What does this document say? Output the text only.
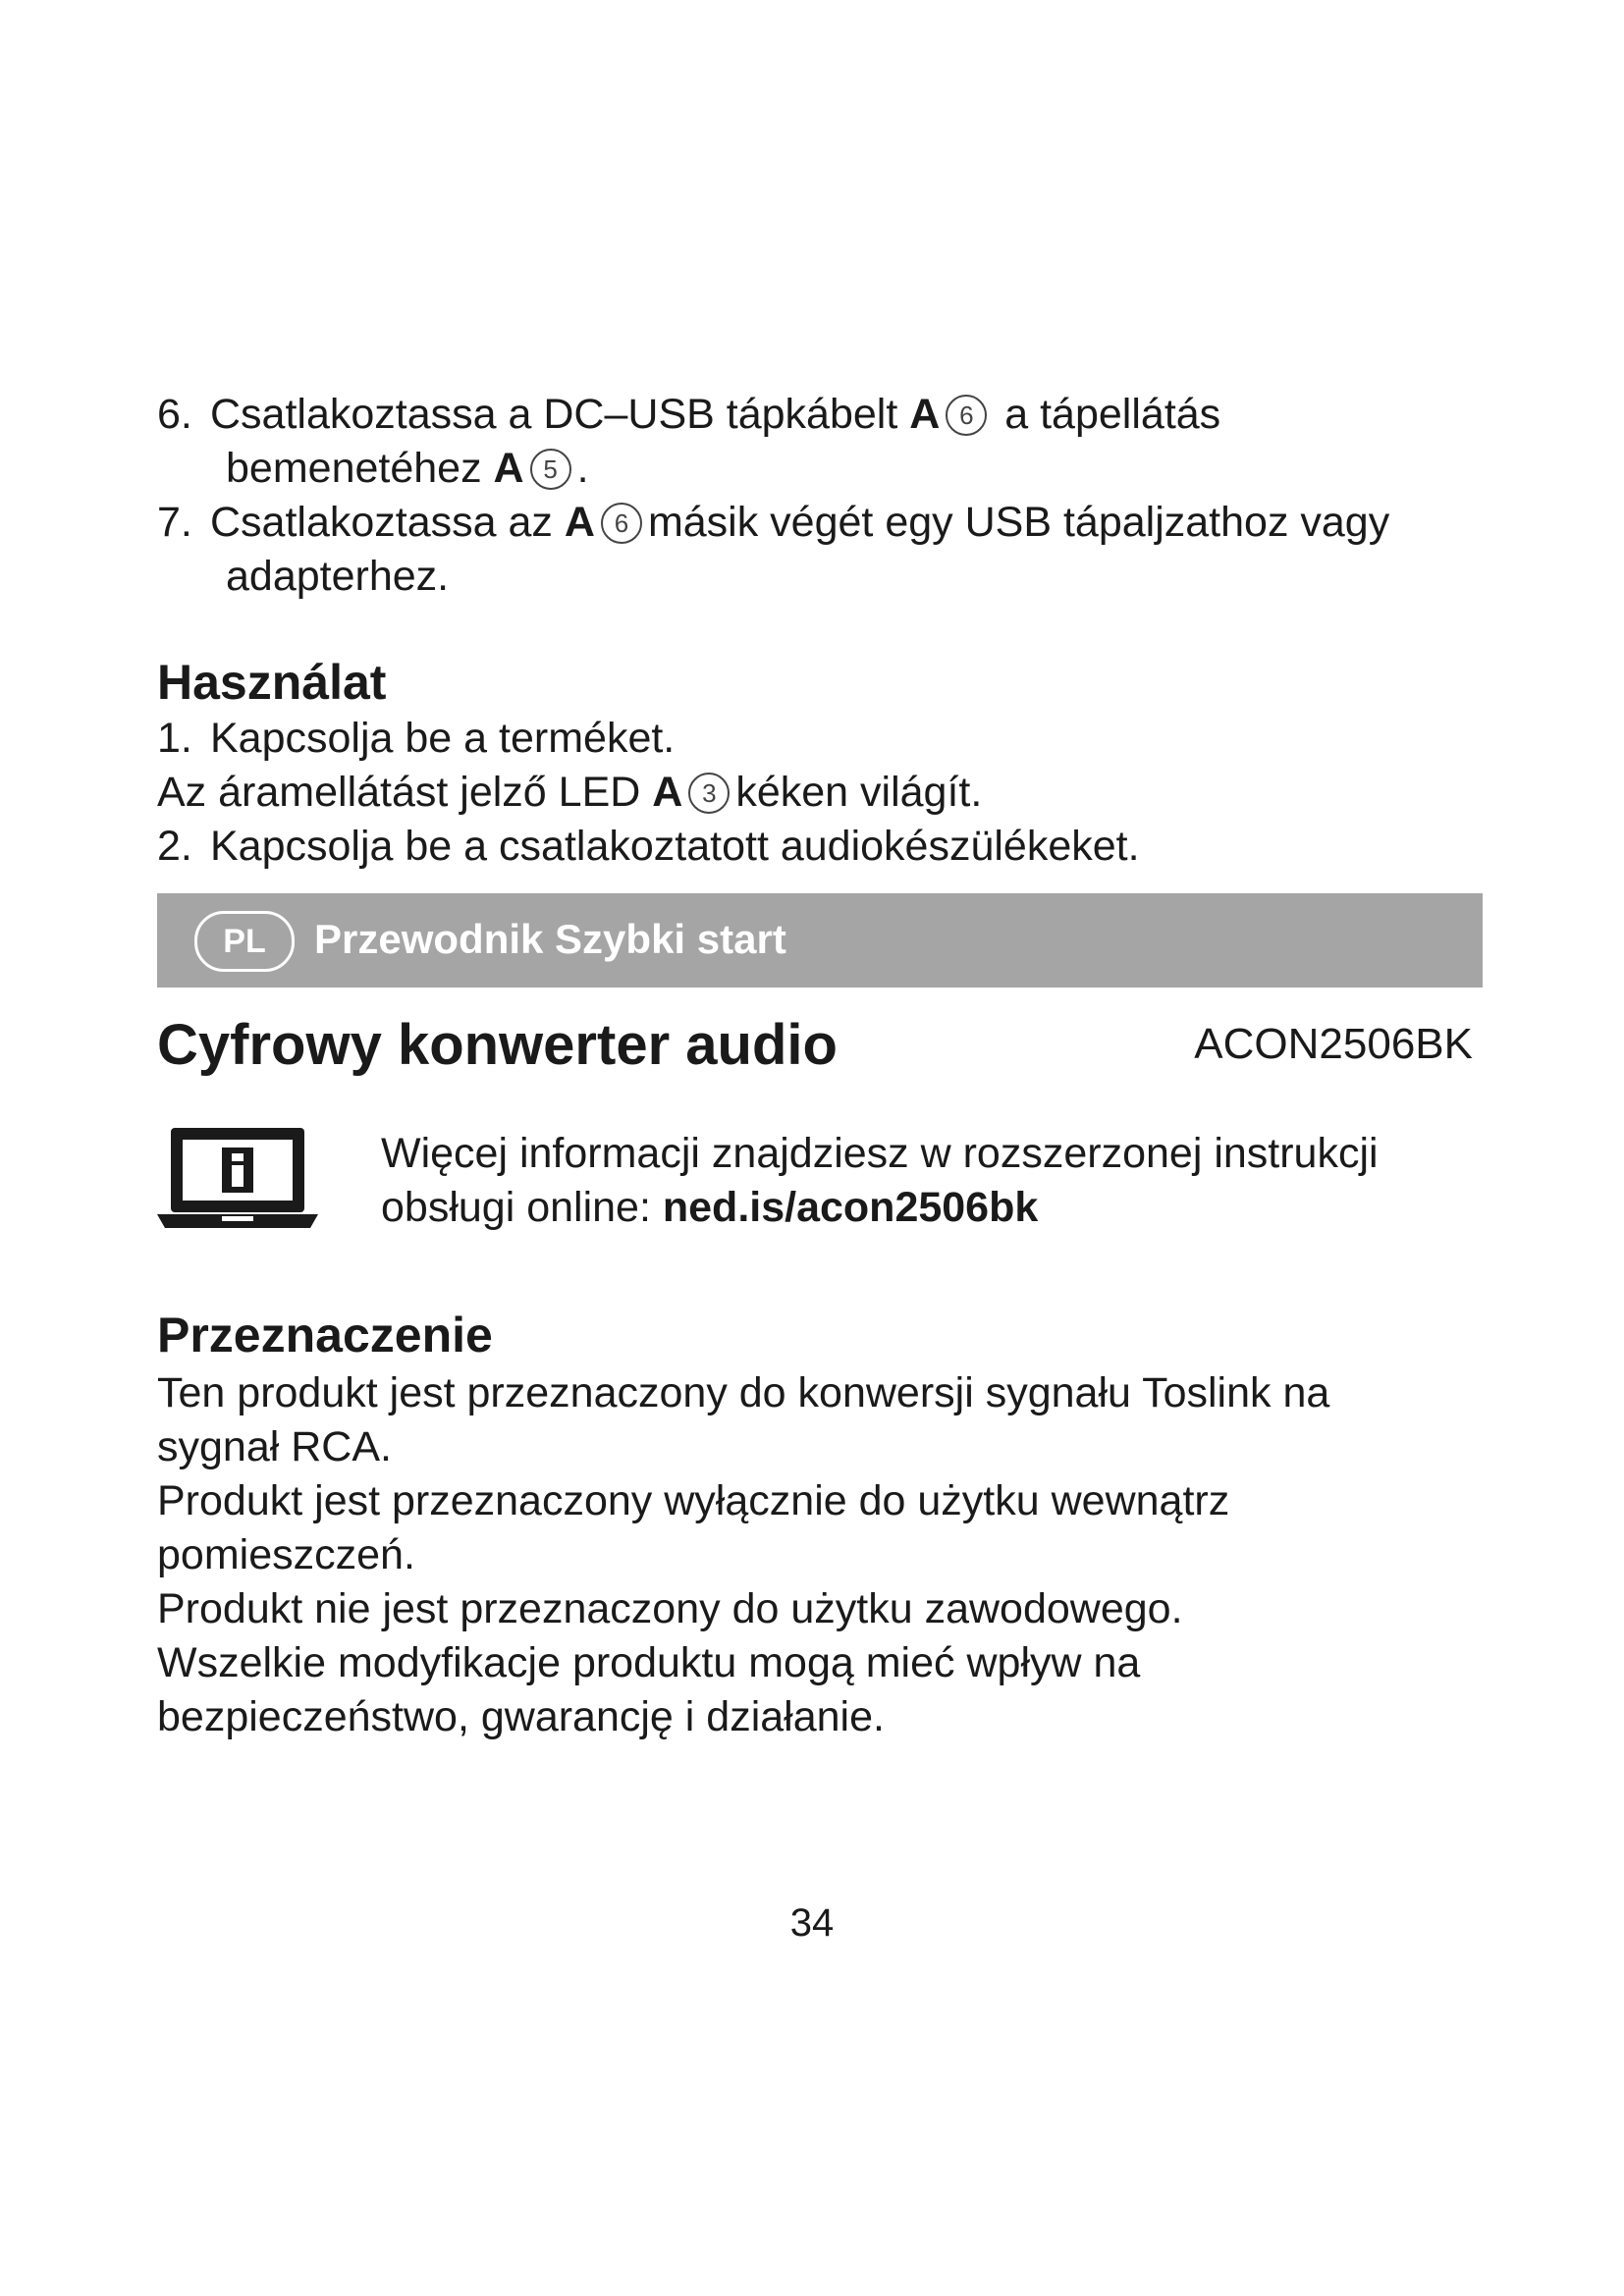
6. Csatlakoztassa a DC–USB tápkábelt A 6 a tápellátás
bemenetéhez A 5 .
7. Csatlakoztassa az A 6 másik végét egy USB tápaljzathoz vagy
adapterhez.
Használat
1. Kapcsolja be a terméket.
Az áramellátást jelző LED A 3 kéken világít.
2. Kapcsolja be a csatlakoztatott audiokészülékeket.
PL	Przewodnik Szybki start
Cyfrowy konwerter audio	ACON2506BK
Więcej informacji znajdziesz w rozszerzonej instrukcji
obsługi online: ned.is/acon2506bk
Przeznaczenie
Ten produkt jest przeznaczony do konwersji sygnału Toslink na
sygnał RCA.
Produkt jest przeznaczony wyłącznie do użytku wewnątrz
pomieszczeń.
Produkt nie jest przeznaczony do użytku zawodowego.
Wszelkie modyfikacje produktu mogą mieć wpływ na
bezpieczeństwo, gwarancję i działanie.
34
